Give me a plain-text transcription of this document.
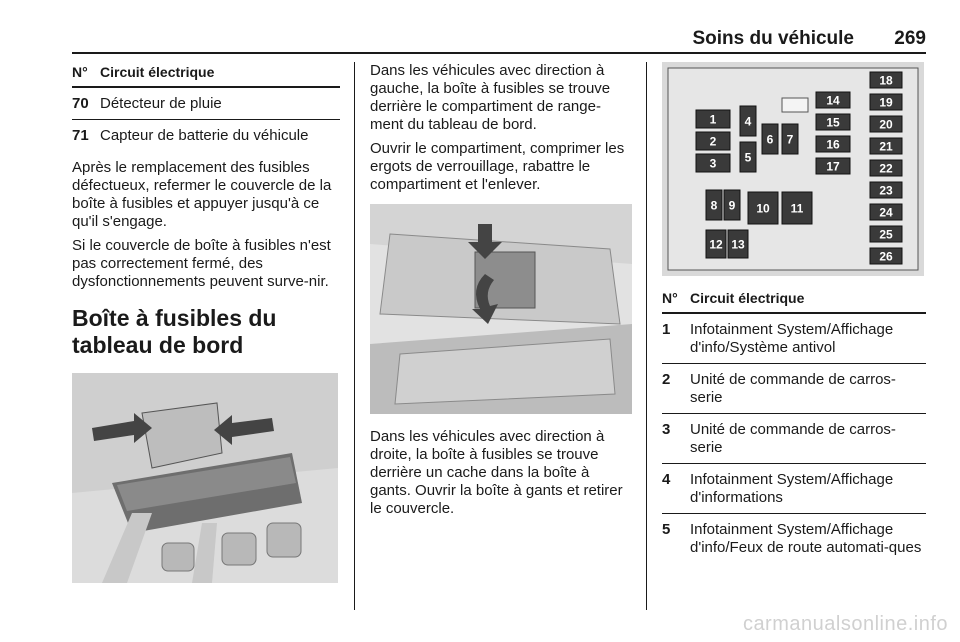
Soins du véhicule 269
N° Circuit électrique
70 Détecteur de pluie
71 Capteur de batterie du véhicule

Après le remplacement des fusibles défectueux, refermer le couvercle de la boîte à fusibles et appuyer jusqu'à ce qu'il s'engage.

Si le couvercle de boîte à fusibles n'est pas correctement fermé, des dysfonctionnements peuvent surve-nir.

Boîte à fusibles du tableau de bord

Dans les véhicules avec direction à gauche, la boîte à fusibles se trouve derrière le compartiment de range-ment du tableau de bord.

Ouvrir le compartiment, comprimer les ergots de verrouillage, rabattre le compartiment et l'enlever.

Dans les véhicules avec direction à droite, la boîte à fusibles se trouve derrière un cache dans la boîte à gants. Ouvrir la boîte à gants et retirer le couvercle.

1
2
3
4
5
6 7
8 9 10 11
12 13
14
15
16
17
18
19
20
21
22
23
24
25
26
N° Circuit électrique
1	Infotainment System/Affichage d'info/Système antivol
2	Unité de commande de carros-serie
3	Unité de commande de carros-serie
4	Infotainment System/Affichage d'informations
5	Infotainment System/Affichage d'info/Feux de route automati-ques
carmanualsonline.info
